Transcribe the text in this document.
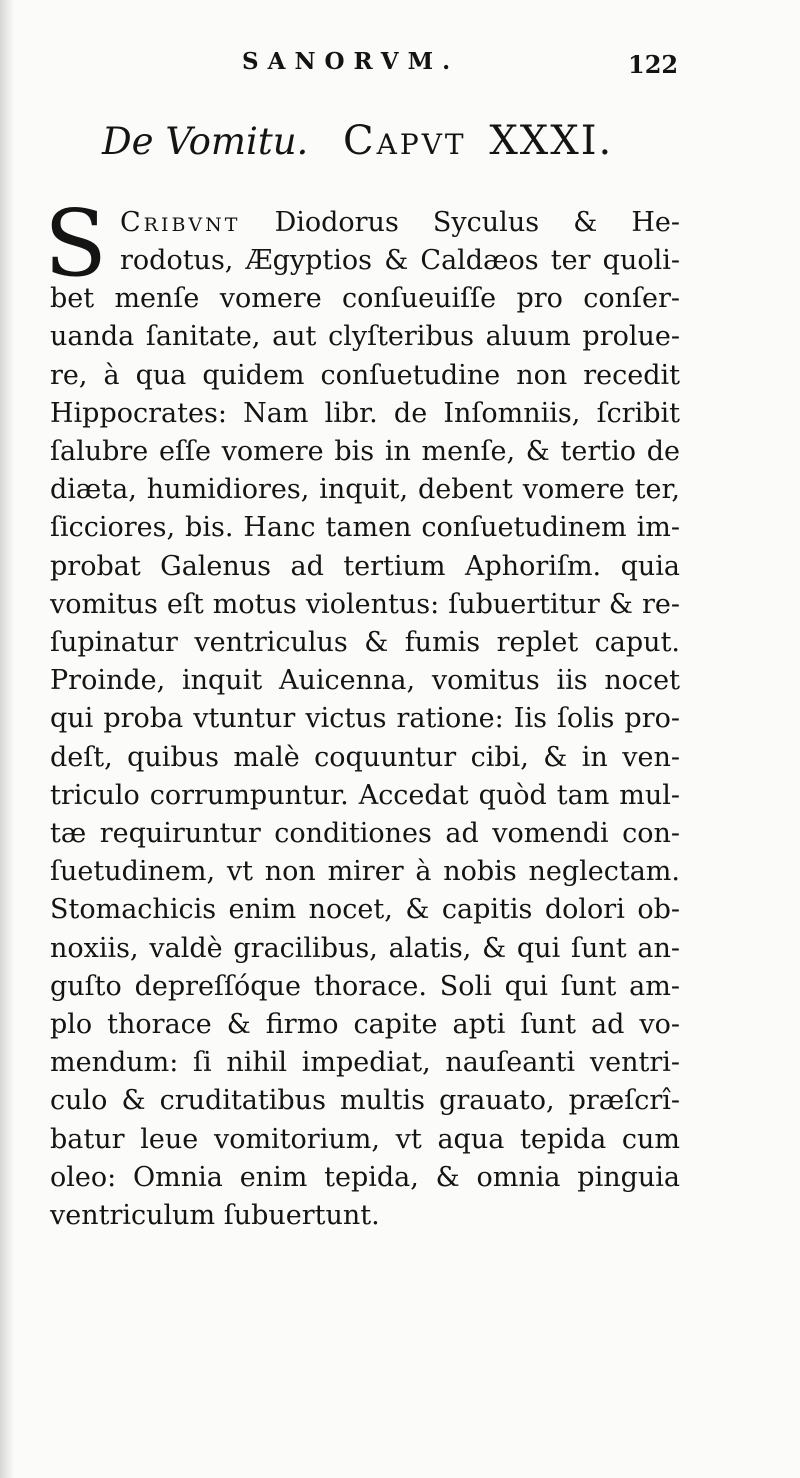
SANORVM.	122
De Vomitu. Capvt XXXI.
S Cribvnt Diodorus Syculus & He-
rodotus, Ægyptios & Caldæos ter quoli-
bet menſe vomere conſueuiſſe pro conſer-
uanda ſanitate, aut clyſteribus aluum prolue-
re, à qua quidem conſuetudine non recedit
Hippocrates: Nam libr. de Inſomniis, ſcribit
ſalubre eſſe vomere bis in menſe, & tertio de
diæta, humidiores, inquit, debent vomere ter,
ſicciores, bis. Hanc tamen conſuetudinem im-
probat Galenus ad tertium Aphoriſm. quia
vomitus eſt motus violentus: ſubuertitur & re-
ſupinatur ventriculus & fumis replet caput.
Proinde, inquit Auicenna, vomitus iis nocet
qui proba vtuntur victus ratione: Iis ſolis pro-
deſt, quibus malè coquuntur cibi, & in ven-
triculo corrumpuntur. Accedat quòd tam mul-
tæ requiruntur conditiones ad vomendi con-
ſuetudinem, vt non mirer à nobis neglectam.
Stomachicis enim nocet, & capitis dolori ob-
noxiis, valdè gracilibus, alatis, & qui ſunt an-
guſto depreſſóque thorace. Soli qui ſunt am-
plo thorace & firmo capite apti ſunt ad vo-
mendum: ſi nihil impediat, nauſeanti ventri-
culo & cruditatibus multis grauato, præſcrî-
batur leue vomitorium, vt aqua tepida cum
oleo: Omnia enim tepida, & omnia pinguia
ventriculum ſubuertunt.
